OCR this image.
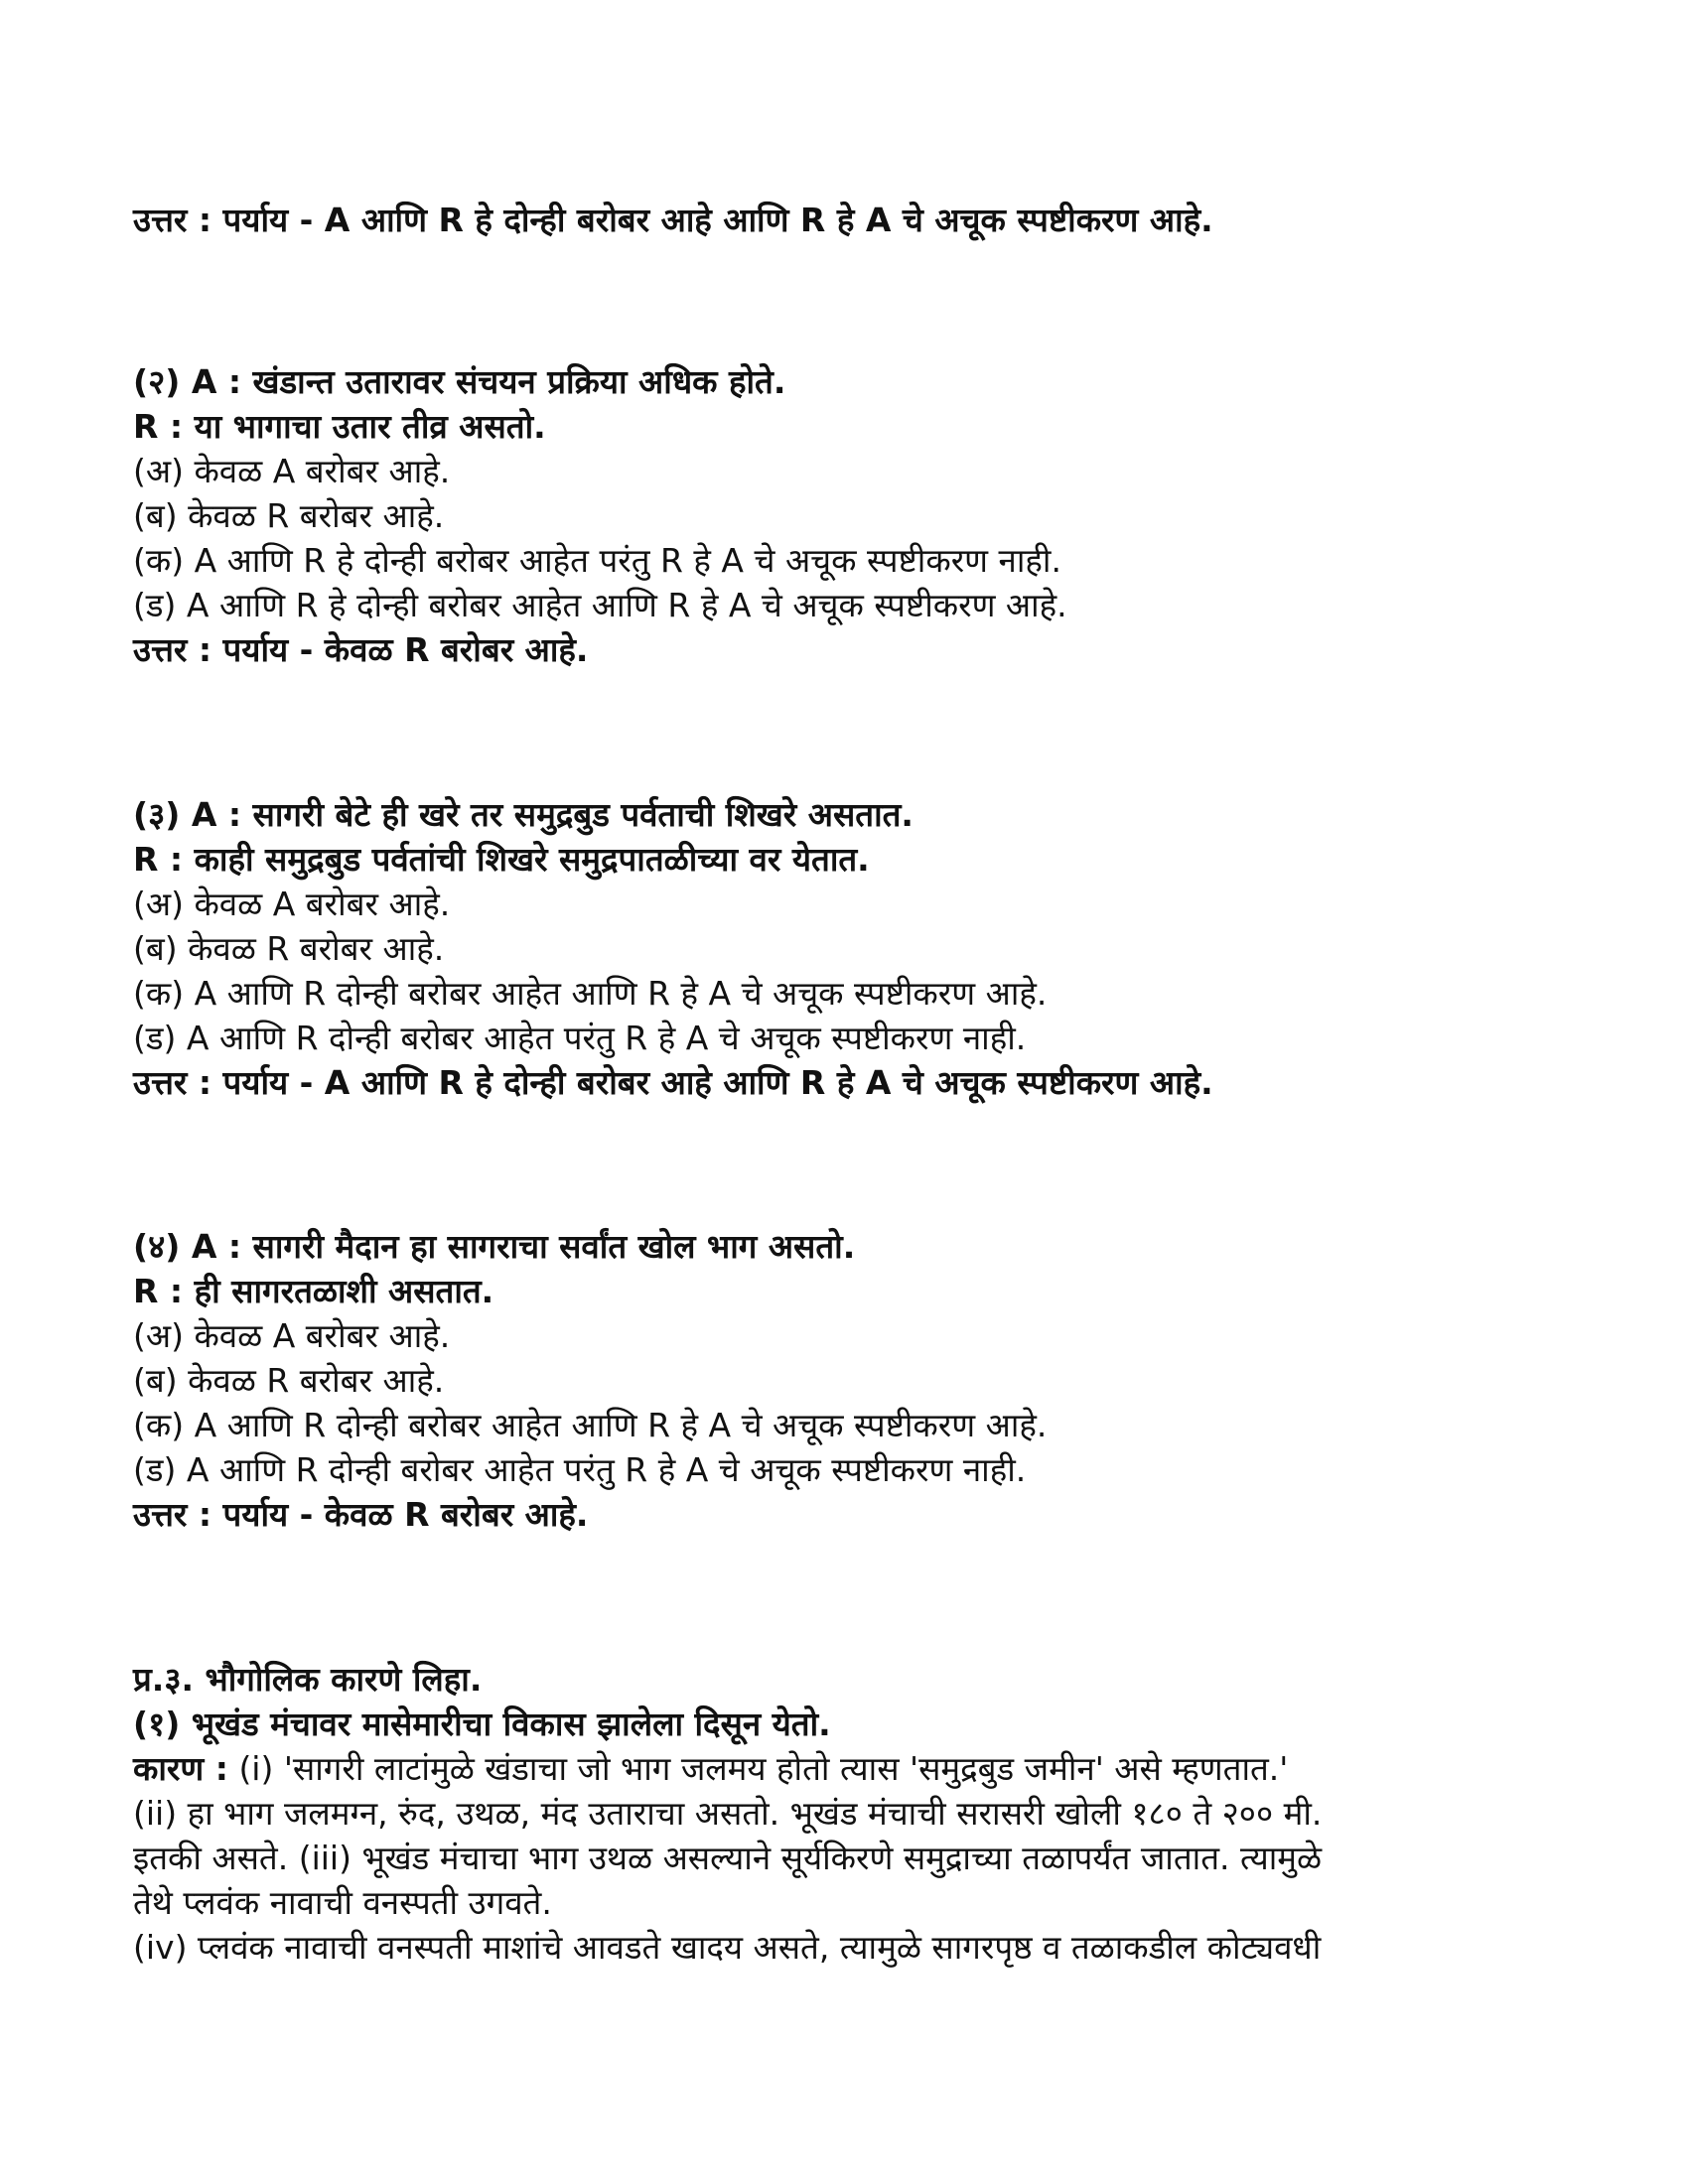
उत्तर : पर्याय - A आणि R हे दोन्ही बरोबर आहे आणि R हे A चे अचूक स्पष्टीकरण आहे.
(२) A : खंडान्त उतारावर संचयन प्रक्रिया अधिक होते.
R : या भागाचा उतार तीव्र असतो.
(अ) केवळ A बरोबर आहे.
(ब) केवळ R बरोबर आहे.
(क) A आणि R हे दोन्ही बरोबर आहेत परंतु R हे A चे अचूक स्पष्टीकरण नाही.
(ड) A आणि R हे दोन्ही बरोबर आहेत आणि R हे A चे अचूक स्पष्टीकरण आहे.
उत्तर : पर्याय - केवळ R बरोबर आहे.
(३) A : सागरी बेटे ही खरे तर समुद्रबुड पर्वताची शिखरे असतात.
R : काही समुद्रबुड पर्वतांची शिखरे समुद्रपातळीच्या वर येतात.
(अ) केवळ A बरोबर आहे.
(ब) केवळ R बरोबर आहे.
(क) A आणि R दोन्ही बरोबर आहेत आणि R हे A चे अचूक स्पष्टीकरण आहे.
(ड) A आणि R दोन्ही बरोबर आहेत परंतु R हे A चे अचूक स्पष्टीकरण नाही.
उत्तर : पर्याय - A आणि R हे दोन्ही बरोबर आहे आणि R हे A चे अचूक स्पष्टीकरण आहे.
(४) A : सागरी मैदान हा सागराचा सर्वांत खोल भाग असतो.
R : ही सागरतळाशी असतात.
(अ) केवळ A बरोबर आहे.
(ब) केवळ R बरोबर आहे.
(क) A आणि R दोन्ही बरोबर आहेत आणि R हे A चे अचूक स्पष्टीकरण आहे.
(ड) A आणि R दोन्ही बरोबर आहेत परंतु R हे A चे अचूक स्पष्टीकरण नाही.
उत्तर : पर्याय - केवळ R बरोबर आहे.
प्र.३. भौगोलिक कारणे लिहा.
(१) भूखंड मंचावर मासेमारीचा विकास झालेला दिसून येतो.
कारण : (i) 'सागरी लाटांमुळे खंडाचा जो भाग जलमय होतो त्यास 'समुद्रबुड जमीन' असे म्हणतात.'
(ii) हा भाग जलमग्न, रुंद, उथळ, मंद उताराचा असतो. भूखंड मंचाची सरासरी खोली १८० ते २०० मी.
इतकी असते. (iii) भूखंड मंचाचा भाग उथळ असल्याने सूर्यकिरणे समुद्राच्या तळापर्यंत जातात. त्यामुळे
तेथे प्लवंक नावाची वनस्पती उगवते.
(iv) प्लवंक नावाची वनस्पती माशांचे आवडते खादय असते, त्यामुळे सागरपृष्ठ व तळाकडील कोट्यवधी
